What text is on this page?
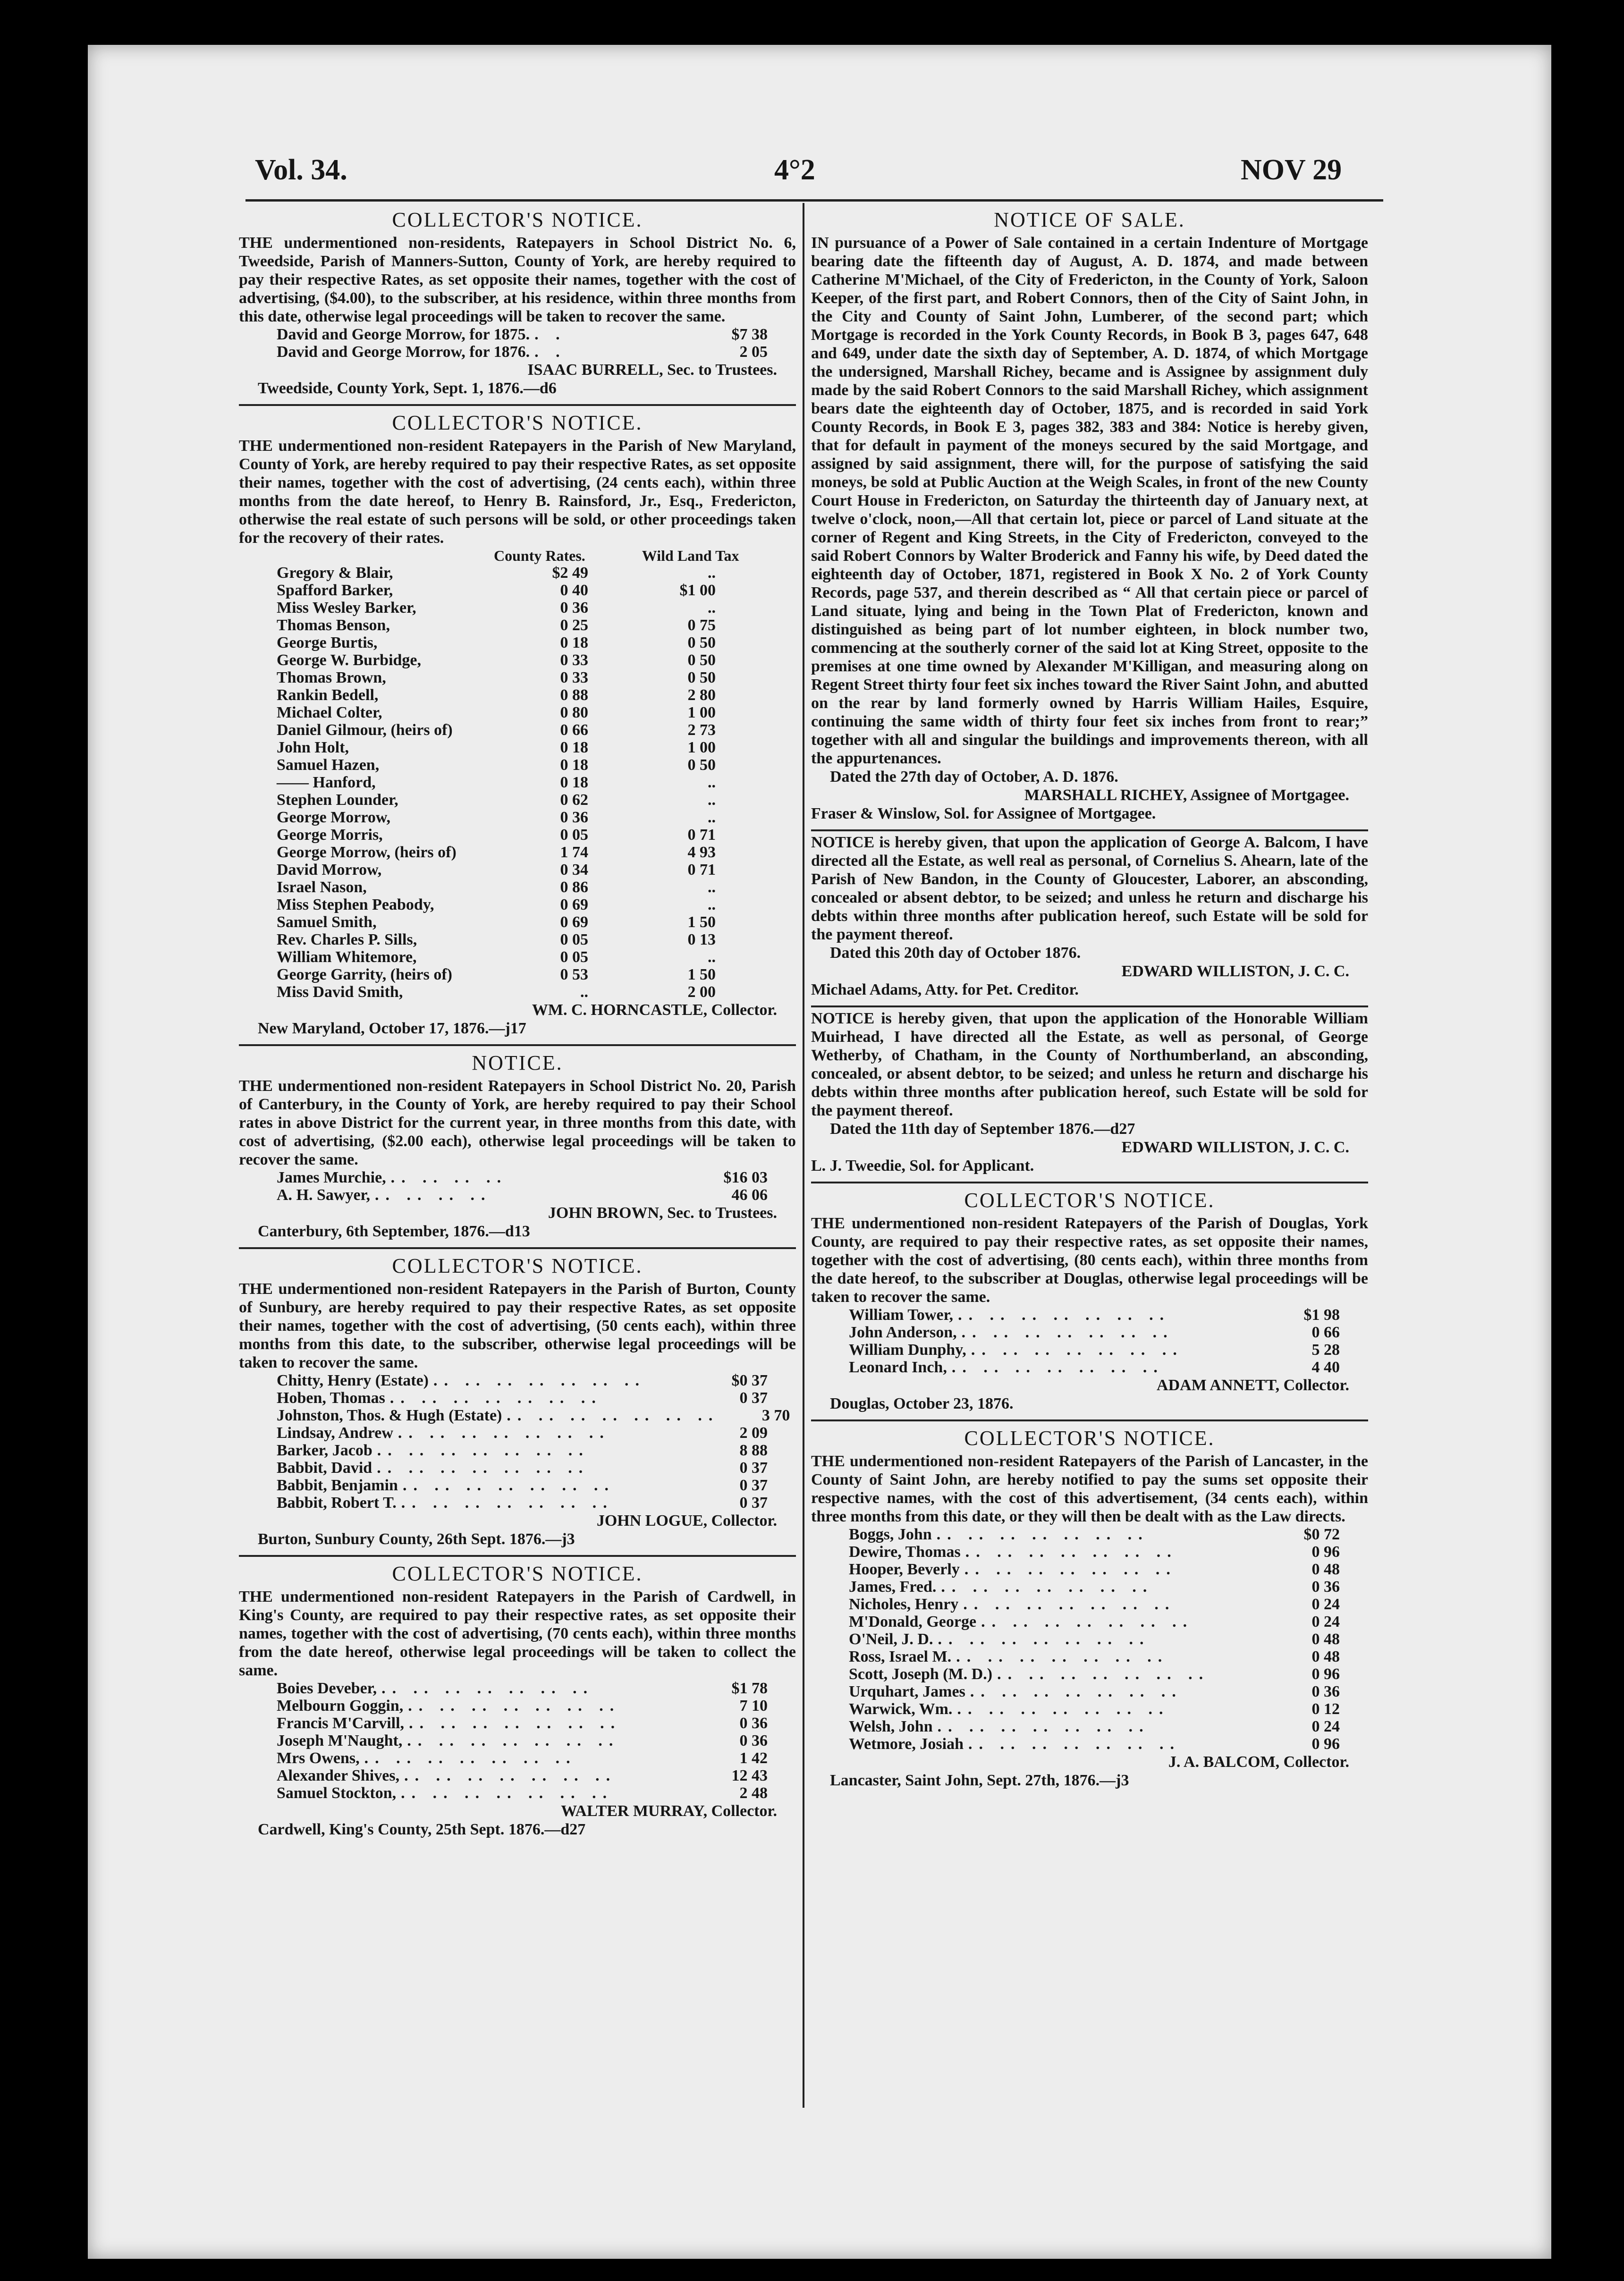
Vol. 34.	4°2	NOV 29
COLLECTOR'S NOTICE.

THE undermentioned non-residents, Ratepayers in School District No. 6, Tweedside, Parish of Manners-Sutton, County of York, are hereby required to pay their respective Rates, as set opposite their names, together with the cost of advertising, ($4.00), to the subscriber, at his residence, within three months from this date, otherwise legal proceedings will be taken to recover the same.

David and George Morrow, for 1875. . .	$7 38
David and George Morrow, for 1876. . .	2 05
ISAAC BURRELL, Sec. to Trustees.
Tweedside, County York, Sept. 1, 1876.—d6
COLLECTOR'S NOTICE.

THE undermentioned non-resident Ratepayers in the Parish of New Maryland, County of York, are hereby required to pay their respective Rates, as set opposite their names, together with the cost of advertising, (24 cents each), within three months from the date hereof, to Henry B. Rainsford, Jr., Esq., Fredericton, otherwise the real estate of such persons will be sold, or other proceedings taken for the recovery of their rates.

County Rates.	Wild Land Tax
Gregory & Blair,	$2 49	..
Spafford Barker,	0 40	$1 00
Miss Wesley Barker,	0 36	..
Thomas Benson,	0 25	0 75
George Burtis,	0 18	0 50
George W. Burbidge,	0 33	0 50
Thomas Brown,	0 33	0 50
Rankin Bedell,	0 88	2 80
Michael Colter,	0 80	1 00
Daniel Gilmour, (heirs of)	0 66	2 73
John Holt,	0 18	1 00
Samuel Hazen,	0 18	0 50
—— Hanford,	0 18	..
Stephen Lounder,	0 62	..
George Morrow,	0 36	..
George Morris,	0 05	0 71
George Morrow, (heirs of)	1 74	4 93
David Morrow,	0 34	0 71
Israel Nason,	0 86	..
Miss Stephen Peabody,	0 69	..
Samuel Smith,	0 69	1 50
Rev. Charles P. Sills,	0 05	0 13
William Whitemore,	0 05	..
George Garrity, (heirs of)	0 53	1 50
Miss David Smith,	..	2 00
WM. C. HORNCASTLE, Collector.
New Maryland, October 17, 1876.—j17
NOTICE.

THE undermentioned non-resident Ratepayers in School District No. 20, Parish of Canterbury, in the County of York, are hereby required to pay their School rates in above District for the current year, in three months from this date, with cost of advertising, ($2.00 each), otherwise legal proceedings will be taken to recover the same.

James Murchie, .. .. .. ..	$16 03
A. H. Sawyer, .. .. .. ..	46 06
JOHN BROWN, Sec. to Trustees.
Canterbury, 6th September, 1876.—d13
COLLECTOR'S NOTICE.

THE undermentioned non-resident Ratepayers in the Parish of Burton, County of Sunbury, are hereby required to pay their respective Rates, as set opposite their names, together with the cost of advertising, (50 cents each), within three months from this date, to the subscriber, otherwise legal proceedings will be taken to recover the same.

Chitty, Henry (Estate) .. .. .. .. .. .. ..	$0 37
Hoben, Thomas .. .. .. .. .. .. ..	0 37
Johnston, Thos. & Hugh (Estate) .. .. .. .. .. .. ..	3 70
Lindsay, Andrew .. .. .. .. .. .. ..	2 09
Barker, Jacob .. .. .. .. .. .. ..	8 88
Babbit, David .. .. .. .. .. .. ..	0 37
Babbit, Benjamin .. .. .. .. .. .. ..	0 37
Babbit, Robert T. .. .. .. .. .. .. ..	0 37
JOHN LOGUE, Collector.
Burton, Sunbury County, 26th Sept. 1876.—j3
COLLECTOR'S NOTICE.

THE undermentioned non-resident Ratepayers in the Parish of Cardwell, in King's County, are required to pay their respective rates, as set opposite their names, together with the cost of advertising, (70 cents each), within three months from the date hereof, otherwise legal proceedings will be taken to collect the same.

Boies Deveber, .. .. .. .. .. .. ..	$1 78
Melbourn Goggin, .. .. .. .. .. .. ..	7 10
Francis M'Carvill, .. .. .. .. .. .. ..	0 36
Joseph M'Naught, .. .. .. .. .. .. ..	0 36
Mrs Owens, .. .. .. .. .. .. ..	1 42
Alexander Shives, .. .. .. .. .. .. ..	12 43
Samuel Stockton, .. .. .. .. .. .. ..	2 48
WALTER MURRAY, Collector.
Cardwell, King's County, 25th Sept. 1876.—d27
NOTICE OF SALE.

IN pursuance of a Power of Sale contained in a certain Indenture of Mortgage bearing date the fifteenth day of August, A. D. 1874, and made between Catherine M'Michael, of the City of Fredericton, in the County of York, Saloon Keeper, of the first part, and Robert Connors, then of the City of Saint John, in the City and County of Saint John, Lumberer, of the second part; which Mortgage is recorded in the York County Records, in Book B 3, pages 647, 648 and 649, under date the sixth day of September, A. D. 1874, of which Mortgage the undersigned, Marshall Richey, became and is Assignee by assignment duly made by the said Robert Connors to the said Marshall Richey, which assignment bears date the eighteenth day of October, 1875, and is recorded in said York County Records, in Book E 3, pages 382, 383 and 384: Notice is hereby given, that for default in payment of the moneys secured by the said Mortgage, and assigned by said assignment, there will, for the purpose of satisfying the said moneys, be sold at Public Auction at the Weigh Scales, in front of the new County Court House in Fredericton, on Saturday the thirteenth day of January next, at twelve o'clock, noon,—All that certain lot, piece or parcel of Land situate at the corner of Regent and King Streets, in the City of Fredericton, conveyed to the said Robert Connors by Walter Broderick and Fanny his wife, by Deed dated the eighteenth day of October, 1871, registered in Book X No. 2 of York County Records, page 537, and therein described as “ All that certain piece or parcel of Land situate, lying and being in the Town Plat of Fredericton, known and distinguished as being part of lot number eighteen, in block number two, commencing at the southerly corner of the said lot at King Street, opposite to the premises at one time owned by Alexander M'Killigan, and measuring along on Regent Street thirty four feet six inches toward the River Saint John, and abutted on the rear by land formerly owned by Harris William Hailes, Esquire, continuing the same width of thirty four feet six inches from front to rear;” together with all and singular the buildings and improvements thereon, with all the appurtenances.

Dated the 27th day of October, A. D. 1876.
MARSHALL RICHEY, Assignee of Mortgagee.
Fraser & Winslow, Sol. for Assignee of Mortgagee.

NOTICE is hereby given, that upon the application of George A. Balcom, I have directed all the Estate, as well real as personal, of Cornelius S. Ahearn, late of the Parish of New Bandon, in the County of Gloucester, Laborer, an absconding, concealed or absent debtor, to be seized; and unless he return and discharge his debts within three months after publication hereof, such Estate will be sold for the payment thereof.

Dated this 20th day of October 1876.
EDWARD WILLISTON, J. C. C.
Michael Adams, Atty. for Pet. Creditor.

NOTICE is hereby given, that upon the application of the Honorable William Muirhead, I have directed all the Estate, as well as personal, of George Wetherby, of Chatham, in the County of Northumberland, an absconding, concealed, or absent debtor, to be seized; and unless he return and discharge his debts within three months after publication hereof, such Estate will be sold for the payment thereof.

Dated the 11th day of September 1876.—d27
EDWARD WILLISTON, J. C. C.
L. J. Tweedie, Sol. for Applicant.
COLLECTOR'S NOTICE.

THE undermentioned non-resident Ratepayers of the Parish of Douglas, York County, are required to pay their respective rates, as set opposite their names, together with the cost of advertising, (80 cents each), within three months from the date hereof, to the subscriber at Douglas, otherwise legal proceedings will be taken to recover the same.

William Tower, .. .. .. .. .. .. ..	$1 98
John Anderson, .. .. .. .. .. .. ..	0 66
William Dunphy, .. .. .. .. .. .. ..	5 28
Leonard Inch, .. .. .. .. .. .. ..	4 40
ADAM ANNETT, Collector.
Douglas, October 23, 1876.
COLLECTOR'S NOTICE.

THE undermentioned non-resident Ratepayers of the Parish of Lancaster, in the County of Saint John, are hereby notified to pay the sums set opposite their respective names, with the cost of this advertisement, (34 cents each), within three months from this date, or they will then be dealt with as the Law directs.

Boggs, John .. .. .. .. .. .. ..	$0 72
Dewire, Thomas .. .. .. .. .. .. ..	0 96
Hooper, Beverly .. .. .. .. .. .. ..	0 48
James, Fred. .. .. .. .. .. .. ..	0 36
Nicholes, Henry .. .. .. .. .. .. ..	0 24
M'Donald, George .. .. .. .. .. .. ..	0 24
O'Neil, J. D. .. .. .. .. .. .. ..	0 48
Ross, Israel M. .. .. .. .. .. .. ..	0 48
Scott, Joseph (M. D.) .. .. .. .. .. .. ..	0 96
Urquhart, James .. .. .. .. .. .. ..	0 36
Warwick, Wm. .. .. .. .. .. .. ..	0 12
Welsh, John .. .. .. .. .. .. ..	0 24
Wetmore, Josiah .. .. .. .. .. .. ..	0 96
J. A. BALCOM, Collector.
Lancaster, Saint John, Sept. 27th, 1876.—j3
